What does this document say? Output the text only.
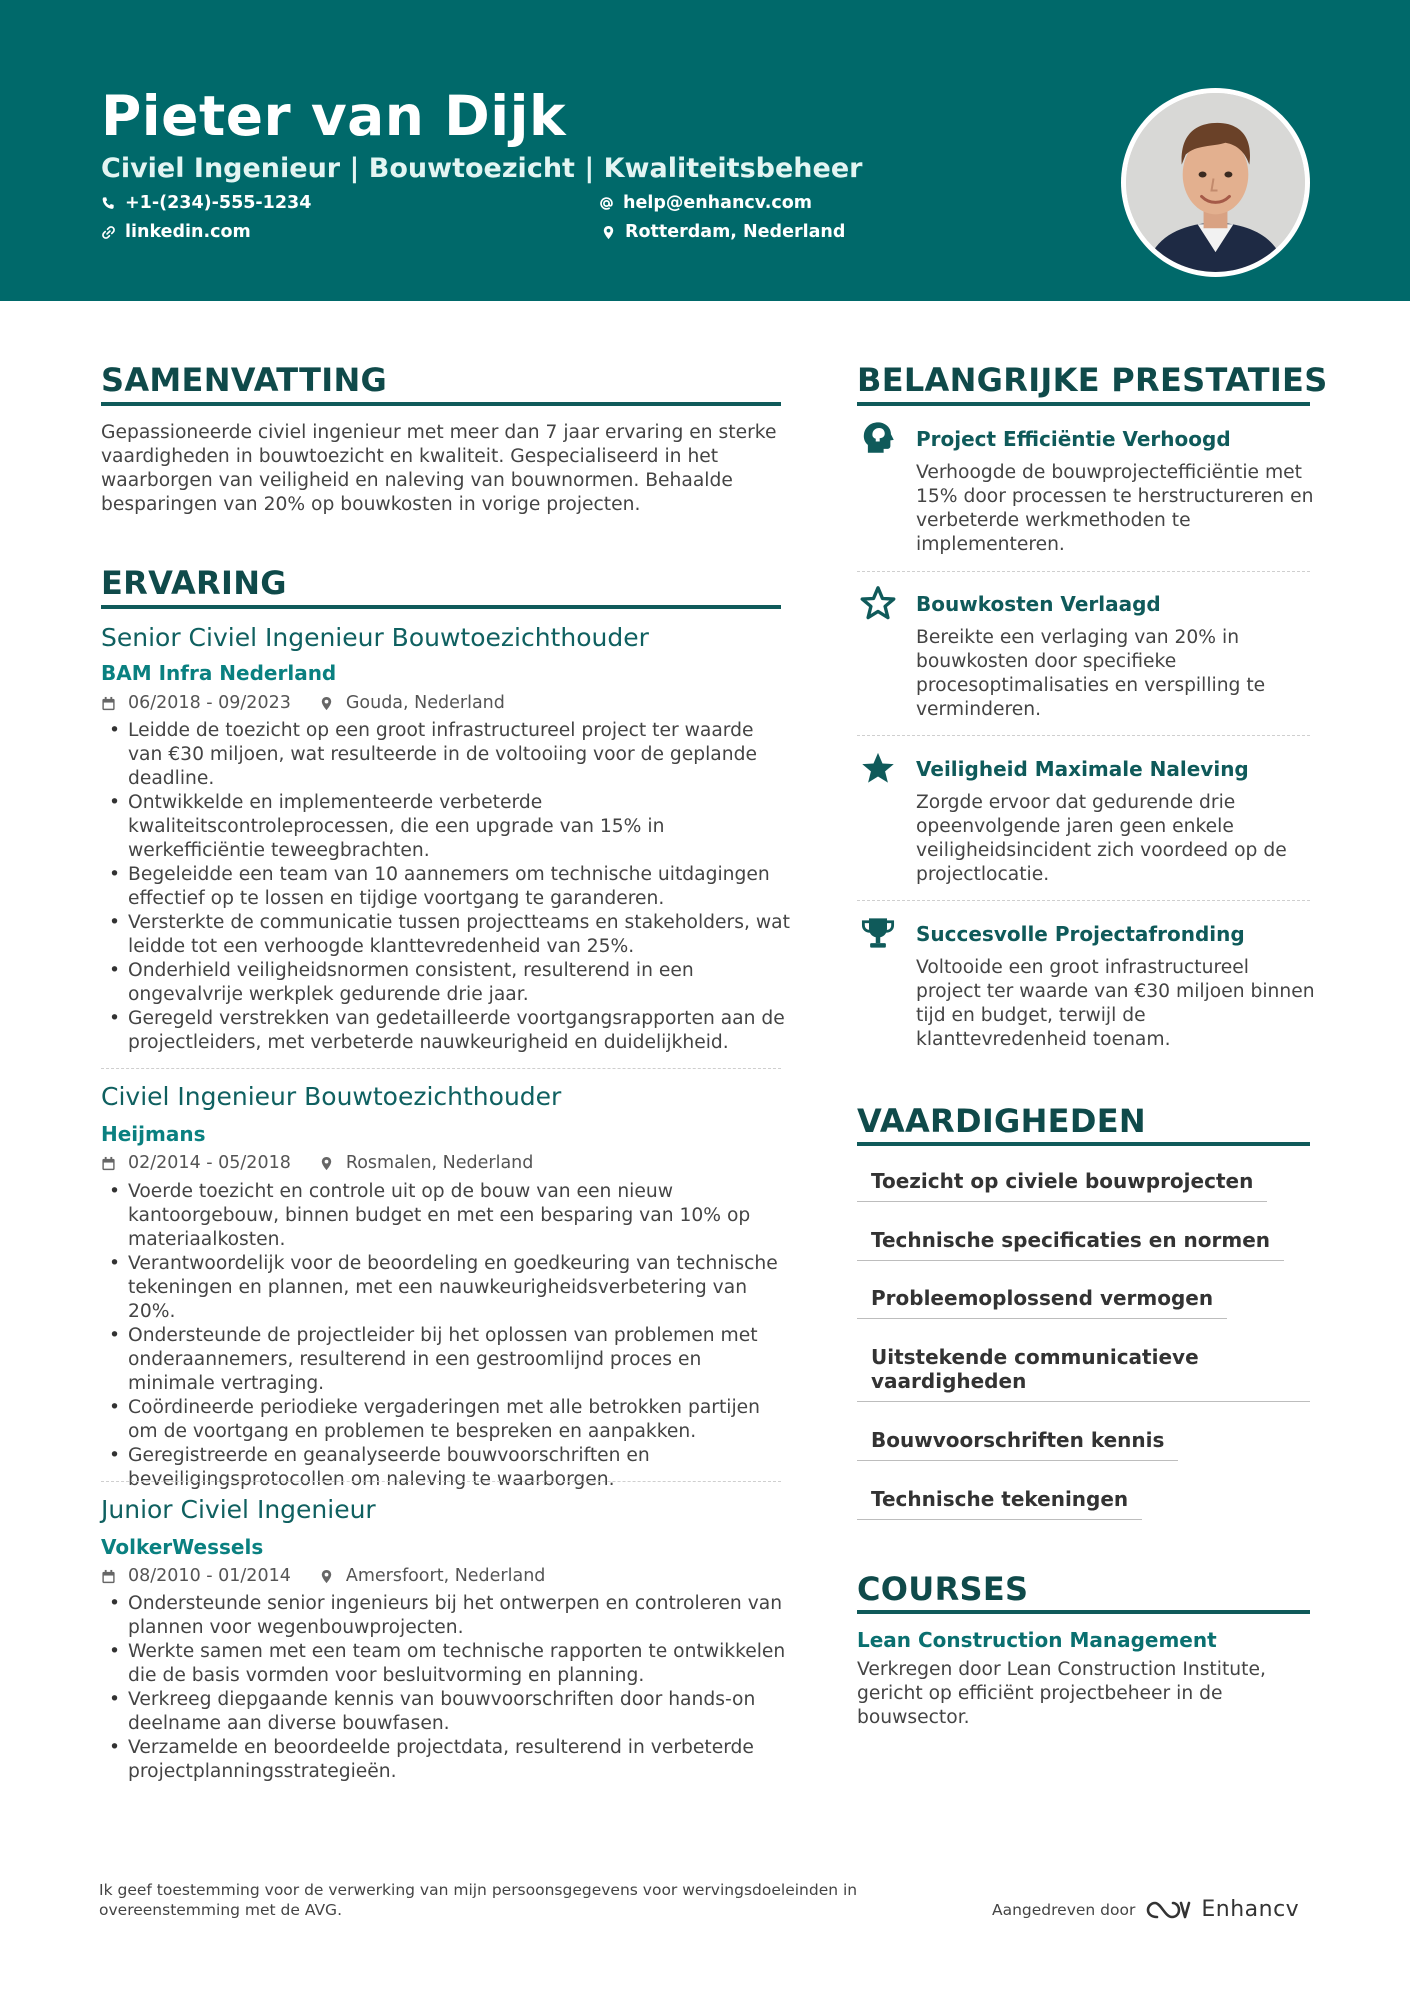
Pieter van Dijk
Civiel Ingenieur | Bouwtoezicht | Kwaliteitsbeheer
+1-(234)-555-1234	help@enhancv.com
linkedin.com	Rotterdam, Nederland
SAMENVATTING
Gepassioneerde civiel ingenieur met meer dan 7 jaar ervaring en sterke vaardigheden in bouwtoezicht en kwaliteit. Gespecialiseerd in het waarborgen van veiligheid en naleving van bouwnormen. Behaalde besparingen van 20% op bouwkosten in vorige projecten.
ERVARING
Senior Civiel Ingenieur Bouwtoezichthouder
BAM Infra Nederland
06/2018 - 09/2023	Gouda, Nederland
• Leidde de toezicht op een groot infrastructureel project ter waarde van €30 miljoen, wat resulteerde in de voltooiing voor de geplande deadline.
• Ontwikkelde en implementeerde verbeterde kwaliteitscontroleprocessen, die een upgrade van 15% in werkefficiëntie teweegbrachten.
• Begeleidde een team van 10 aannemers om technische uitdagingen effectief op te lossen en tijdige voortgang te garanderen.
• Versterkte de communicatie tussen projectteams en stakeholders, wat leidde tot een verhoogde klanttevredenheid van 25%.
• Onderhield veiligheidsnormen consistent, resulterend in een ongevalvrije werkplek gedurende drie jaar.
• Geregeld verstrekken van gedetailleerde voortgangsrapporten aan de projectleiders, met verbeterde nauwkeurigheid en duidelijkheid.
Civiel Ingenieur Bouwtoezichthouder
Heijmans
02/2014 - 05/2018	Rosmalen, Nederland
• Voerde toezicht en controle uit op de bouw van een nieuw kantoorgebouw, binnen budget en met een besparing van 10% op materiaalkosten.
• Verantwoordelijk voor de beoordeling en goedkeuring van technische tekeningen en plannen, met een nauwkeurigheidsverbetering van 20%.
• Ondersteunde de projectleider bij het oplossen van problemen met onderaannemers, resulterend in een gestroomlijnd proces en minimale vertraging.
• Coördineerde periodieke vergaderingen met alle betrokken partijen om de voortgang en problemen te bespreken en aanpakken.
• Geregistreerde en geanalyseerde bouwvoorschriften en beveiligingsprotocollen om naleving te waarborgen.
Junior Civiel Ingenieur
VolkerWessels
08/2010 - 01/2014	Amersfoort, Nederland
• Ondersteunde senior ingenieurs bij het ontwerpen en controleren van plannen voor wegenbouwprojecten.
• Werkte samen met een team om technische rapporten te ontwikkelen die de basis vormden voor besluitvorming en planning.
• Verkreeg diepgaande kennis van bouwvoorschriften door hands-on deelname aan diverse bouwfasen.
• Verzamelde en beoordeelde projectdata, resulterend in verbeterde projectplanningsstrategieën.
BELANGRIJKE PRESTATIES
Project Efficiëntie Verhoogd
Verhoogde de bouwprojectefficiëntie met 15% door processen te herstructureren en verbeterde werkmethoden te implementeren.
Bouwkosten Verlaagd
Bereikte een verlaging van 20% in bouwkosten door specifieke procesoptimalisaties en verspilling te verminderen.
Veiligheid Maximale Naleving
Zorgde ervoor dat gedurende drie opeenvolgende jaren geen enkele veiligheidsincident zich voordeed op de projectlocatie.
Succesvolle Projectafronding
Voltooide een groot infrastructureel project ter waarde van €30 miljoen binnen tijd en budget, terwijl de klanttevredenheid toenam.
VAARDIGHEDEN
Toezicht op civiele bouwprojecten
Technische specificaties en normen
Probleemoplossend vermogen
Uitstekende communicatieve vaardigheden
Bouwvoorschriften kennis
Technische tekeningen
COURSES
Lean Construction Management
Verkregen door Lean Construction Institute, gericht op efficiënt projectbeheer in de bouwsector.
Ik geef toestemming voor de verwerking van mijn persoonsgegevens voor wervingsdoeleinden in overeenstemming met de AVG.	Aangedreven door	Enhancv
